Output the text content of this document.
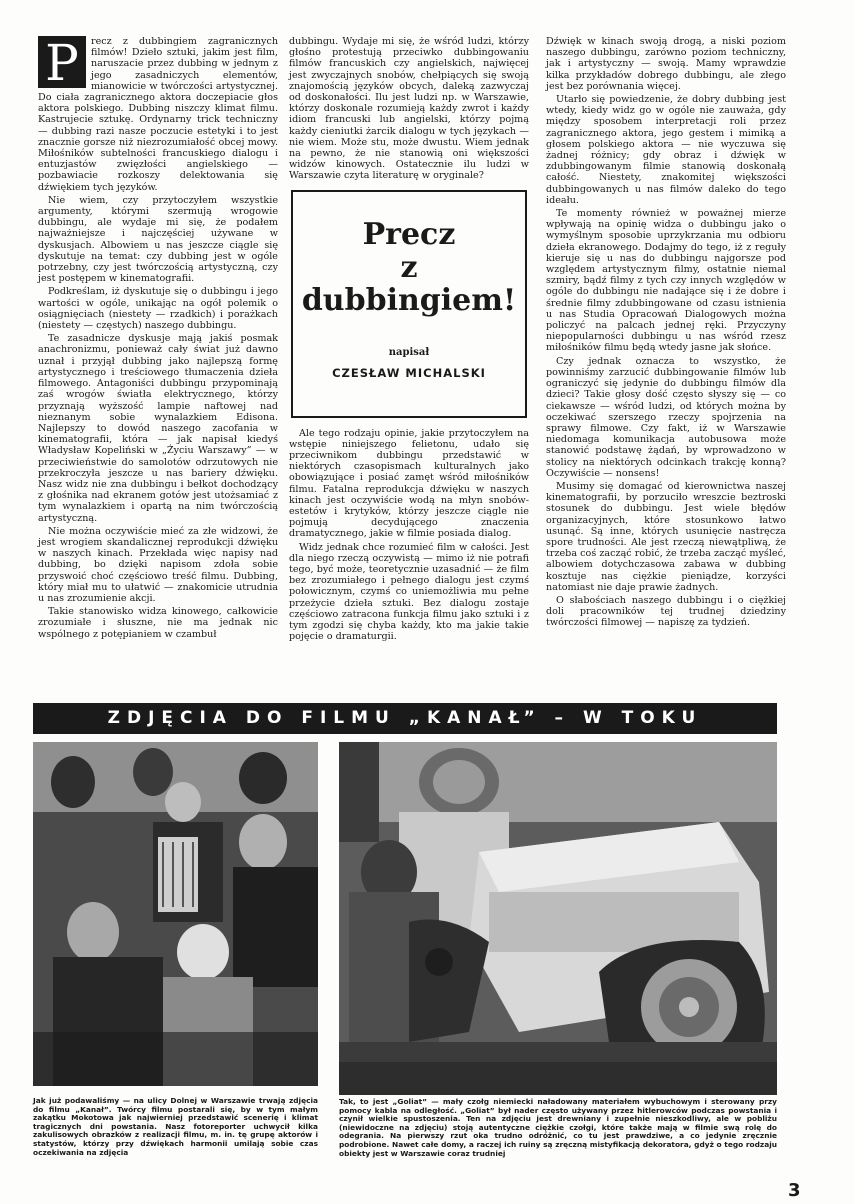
P	recz z dubbingiem zagranicznych filmów! Dzieło sztuki, jakim jest film, naruszacie przez dubbing w jednym z jego zasadniczych elementów, mianowicie w twórczości artystycznej. Do ciała zagranicznego aktora doczepiacie głos aktora polskiego. Dubbing niszczy klimat filmu. Kastrujecie sztukę. Ordynarny trick techniczny — dubbing razi nasze poczucie estetyki i to jest znacznie gorsze niż niezrozumiałość obcej mowy. Miłośników subtelności francuskiego dialogu i entuzjastów zwięzłości angielskiego — pozbawiacie rozkoszy delektowania się dźwiękiem tych języków.

Nie wiem, czy przytoczyłem wszystkie argumenty, którymi szermują wrogowie dubbingu, ale wydaje mi się, że podałem najważniejsze i najczęściej używane w dyskusjach. Albowiem u nas jeszcze ciągle się dyskutuje na temat: czy dubbing jest w ogóle potrzebny, czy jest twórczością artystyczną, czy jest postępem w kinematografii.

Podkreślam, iż dyskutuje się o dubbingu i jego wartości w ogóle, unikając na ogół polemik o osiągnięciach (niestety — rzadkich) i porażkach (niestety — częstych) naszego dubbingu.

Te zasadnicze dyskusje mają jakiś posmak anachronizmu, ponieważ cały świat już dawno uznał i przyjął dubbing jako najlepszą formę artystycznego i treściowego tłumaczenia dzieła filmowego. Antagoniści dubbingu przypominają zaś wrogów światła elektrycznego, którzy przyznają wyższość lampie naftowej nad nieznanym sobie wynalazkiem Edisona. Najlepszy to dowód naszego zacofania w kinematografii, która — jak napisał kiedyś Władysław Kopeliński w „Życiu Warszawy” — w przeciwieństwie do samolotów odrzutowych nie przekroczyła jeszcze u nas bariery dźwięku. Nasz widz nie zna dubbingu i bełkot dochodzący z głośnika nad ekranem gotów jest utożsamiać z tym wynalazkiem i opartą na nim twórczością artystyczną.

Nie można oczywiście mieć za złe widzowi, że jest wrogiem skandalicznej reprodukcji dźwięku w naszych kinach. Przekłada więc napisy nad dubbing, bo dzięki napisom zdoła sobie przyswoić choć częściowo treść filmu. Dubbing, który miał mu to ułatwić — znakomicie utrudnia u nas zrozumienie akcji.

Takie stanowisko widza kinowego, całkowicie zrozumiałe i słuszne, nie ma jednak nic wspólnego z potępianiem w czambuł

dubbingu. Wydaje mi się, że wśród ludzi, którzy głośno protestują przeciwko dubbingowaniu filmów francuskich czy angielskich, najwięcej jest zwyczajnych snobów, chełpiących się swoją znajomością języków obcych, daleką zazwyczaj od doskonałości. Ilu jest ludzi np. w Warszawie, którzy doskonale rozumieją każdy zwrot i każdy idiom francuski lub angielski, którzy pojmą każdy cieniutki żarcik dialogu w tych językach — nie wiem. Może stu, może dwustu. Wiem jednak na pewno, że nie stanowią oni większości widzów kinowych. Ostatecznie ilu ludzi w Warszawie czyta literaturę w oryginale?

Precz
z
dubbingiem!
napisał
CZESŁAW MICHALSKI

Ale tego rodzaju opinie, jakie przytoczyłem na wstępie niniejszego felietonu, udało się przeciwnikom dubbingu przedstawić w niektórych czasopismach kulturalnych jako obowiązujące i posiać zamęt wśród miłośników filmu. Fatalna reprodukcja dźwięku w naszych kinach jest oczywiście wodą na młyn snobów-estetów i krytyków, którzy jeszcze ciągle nie pojmują decydującego znaczenia dramatycznego, jakie w filmie posiada dialog.

Widz jednak chce rozumieć film w całości. Jest dla niego rzeczą oczywistą — mimo iż nie potrafi tego, być może, teoretycznie uzasadnić — że film bez zrozumiałego i pełnego dialogu jest czymś połowicznym, czymś co uniemożliwia mu pełne przeżycie dzieła sztuki. Bez dialogu zostaje częściowo zatracona funkcja filmu jako sztuki i z tym zgodzi się chyba każdy, kto ma jakie takie pojęcie o dramaturgii.

Dźwięk w kinach swoją drogą, a niski poziom naszego dubbingu, zarówno poziom techniczny, jak i artystyczny — swoją. Mamy wprawdzie kilka przykładów dobrego dubbingu, ale złego jest bez porównania więcej.

Utarło się powiedzenie, że dobry dubbing jest wtedy, kiedy widz go w ogóle nie zauważa, gdy między sposobem interpretacji roli przez zagranicznego aktora, jego gestem i mimiką a głosem polskiego aktora — nie wyczuwa się żadnej różnicy; gdy obraz i dźwięk w zdubbingowanym filmie stanowią doskonałą całość. Niestety, znakomitej większości dubbingowanych u nas filmów daleko do tego ideału.

Te momenty również w poważnej mierze wpływają na opinię widza o dubbingu jako o wymyślnym sposobie uprzykrzania mu odbioru dzieła ekranowego. Dodajmy do tego, iż z reguły kieruje się u nas do dubbingu najgorsze pod względem artystycznym filmy, ostatnie niemal szmiry, bądź filmy z tych czy innych względów w ogóle do dubbingu nie nadające się i że dobre i średnie filmy zdubbingowane od czasu istnienia u nas Studia Opracowań Dialogowych można policzyć na palcach jednej ręki. Przyczyny niepopularności dubbingu u nas wśród rzesz miłośników filmu będą wtedy jasne jak słońce.

Czy jednak oznacza to wszystko, że powinniśmy zarzucić dubbingowanie filmów lub ograniczyć się jedynie do dubbingu filmów dla dzieci? Takie głosy dość często słyszy się — co ciekawsze — wśród ludzi, od których można by oczekiwać szerszego rzeczy spojrzenia na sprawy filmowe. Czy fakt, iż w Warszawie niedomaga komunikacja autobusowa może stanowić podstawę żądań, by wprowadzono w stolicy na niektórych odcinkach trakcję konną? Oczywiście — nonsens!

Musimy się domagać od kierownictwa naszej kinematografii, by porzuciło wreszcie beztroski stosunek do dubbingu. Jest wiele błędów organizacyjnych, które stosunkowo łatwo usunąć. Są inne, których usunięcie nastręcza spore trudności. Ale jest rzeczą niewątpliwą, że trzeba coś zacząć robić, że trzeba zacząć myśleć, albowiem dotychczasowa zabawa w dubbing kosztuje nas ciężkie pieniądze, korzyści natomiast nie daje prawie żadnych.

O słabościach naszego dubbingu i o ciężkiej doli pracowników tej trudnej dziedziny twórczości filmowej — napiszę za tydzień.

ZDJĘCIA DO FILMU „KANAŁ” – W TOKU
Jak już podawaliśmy — na ulicy Dolnej w Warszawie trwają zdjęcia do filmu „Kanał”. Twórcy filmu postarali się, by w tym małym zakątku Mokotowa jak najwierniej przedstawić scenerię i klimat tragicznych dni powstania. Nasz fotoreporter uchwycił kilka zakulisowych obrazków z realizacji filmu, m. in. tę grupę aktorów i statystów, którzy przy dźwiękach harmonii umilają sobie czas oczekiwania na zdjęcia
Tak, to jest „Goliat” — mały czołg niemiecki naładowany materiałem wybuchowym i sterowany przy pomocy kabla na odległość. „Goliat” był nader często używany przez hitlerowców podczas powstania i czynił wielkie spustoszenia. Ten na zdjęciu jest drewniany i zupełnie nieszkodliwy, ale w pobliżu (niewidoczne na zdjęciu) stoją autentyczne ciężkie czołgi, które także mają w filmie swą rolę do odegrania. Na pierwszy rzut oka trudno odróżnić, co tu jest prawdziwe, a co jedynie zręcznie podrobione. Nawet całe domy, a raczej ich ruiny są zręczną mistyfikacją dekoratora, gdyż o tego rodzaju obiekty jest w Warszawie coraz trudniej
3
